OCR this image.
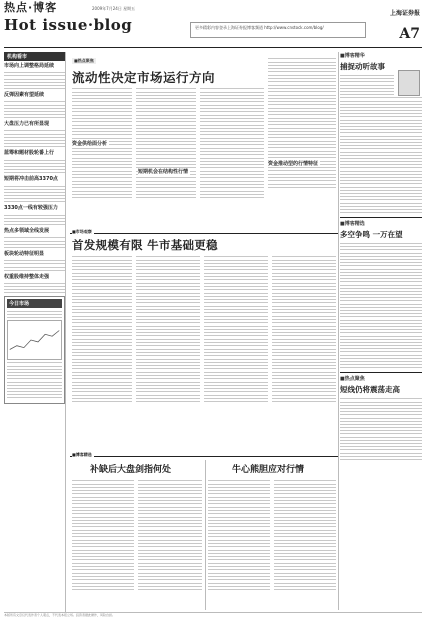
热点·博客
Hot issue·blog
2009年7月24日 星期五
更多精彩内容登录上海证券报博客频道 http://www.cnstock.com/blog/
上海证券报
A7
机构看市
市场向上调整格局延续
反弹因素有望延续
大盘压力已有所显现
蓝筹和题材股轮番上行
短期将冲击前高3370点
3330点一线有较强压力
热点多领域全线发展
板块轮动特征明显
权重股维持整体走强
今日市场
■热点聚焦
流动性决定市场运行方向
资金供给面分析
短期机会在结构性行情
资金推动型的行情特征
■市场观察
首发规模有限 牛市基础更稳
■博客精选
补缺后大盘剑指何处	牛心熊胆应对行情
■博客精华
捕捉动听故事
■博客精选
多空争鸣 一万在望
■热点聚焦
短线仍将震荡走高
本版所有文章仅代表作者个人观点，不代表本报立场。投资者据此操作，风险自担。
